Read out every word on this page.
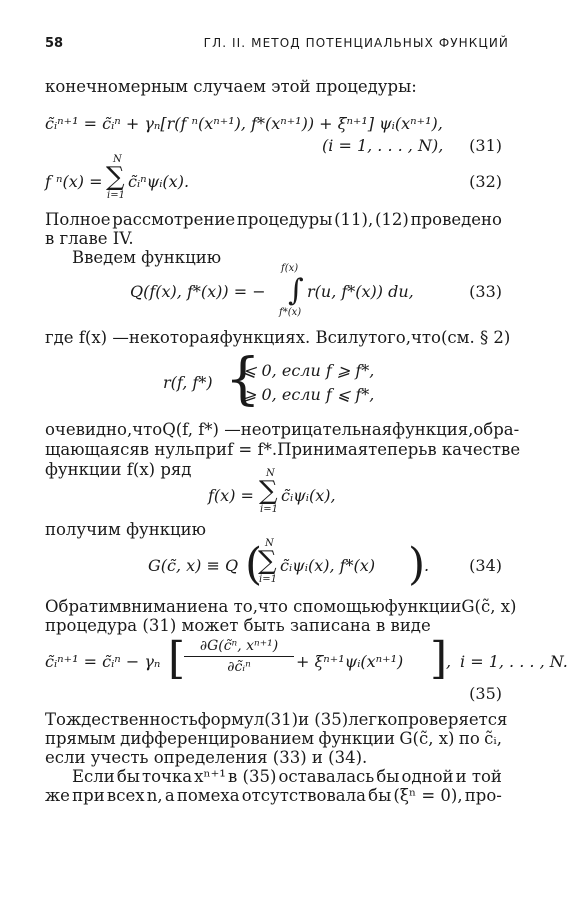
58	ГЛ. II. МЕТОД ПОТЕНЦИАЛЬНЫХ ФУНКЦИЙ
конечномерным случаем этой процедуры:
c̃ᵢⁿ⁺¹ = c̃ᵢⁿ + γₙ[r(f ⁿ(xⁿ⁺¹), f*(xⁿ⁺¹)) + ξⁿ⁺¹] ψᵢ(xⁿ⁺¹),
(i = 1, . . . , N), (31)
f ⁿ(x) =
N
∑
i=1
c̃ᵢⁿψᵢ(x).	(32)
Полное рассмотрение процедуры (11), (12) проведено
в главе IV.
Введем функцию
Q(f(x), f*(x)) = −
f(x)
∫
f*(x)
r(u, f*(x)) du,	(33)
где f(x) — некоторая функция x. В силу того, что (см. § 2)
r(f, f*) {
⩽ 0, если f ⩾ f*,
⩾ 0, если f ⩽ f*,
очевидно, что Q(f, f*) — неотрицательная функция, обра-
щающаяся в нуль при f = f*. Принимая теперь в качестве
функции f(x) ряд
f(x) =
N
∑
i=1
c̃ᵢψᵢ(x),
получим функцию
G(c̃, x) ≡ Q ( N
∑
i=1
c̃ᵢψᵢ(x), f*(x) )
.	(34)
Обратим внимание на то, что с помощью функции G(c̃, x)
процедура (31) может быть записана в виде
c̃ᵢⁿ⁺¹ = c̃ᵢⁿ − γₙ [
$\frac{\text{∂G(c̃ⁿ, xⁿ⁺¹)}}{\text{∂c̃ᵢⁿ}}$ + ξⁿ⁺¹ψᵢ(xⁿ⁺¹) ]
, i = 1, . . . , N.
(35)
Тождественность формул (31) и (35) легко проверяется
прямым дифференцированием функции G(c̃, x) по c̃ᵢ,
если учесть определения (33) и (34).
Если бы точка xⁿ⁺¹ в (35) оставалась бы одной и той
же при всех n, а помеха отсутствовала бы (ξⁿ = 0), про-
